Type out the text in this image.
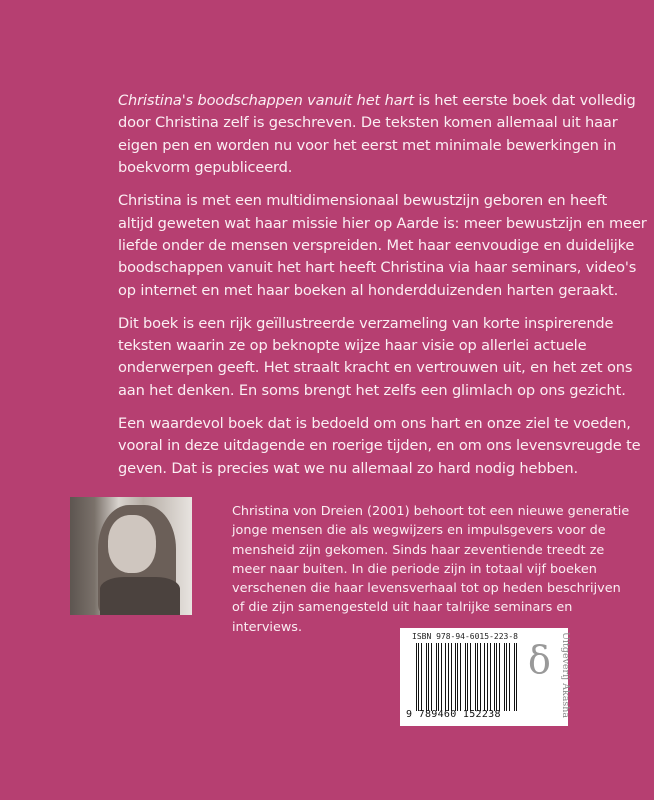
Christina's boodschappen vanuit het hart is het eerste boek dat volledig
door Christina zelf is geschreven. De teksten komen allemaal uit haar
eigen pen en worden nu voor het eerst met minimale bewerkingen in
boekvorm gepubliceerd.

Christina is met een multidimensionaal bewustzijn geboren en heeft
altijd geweten wat haar missie hier op Aarde is: meer bewustzijn en meer
liefde onder de mensen verspreiden. Met haar eenvoudige en duidelijke
boodschappen vanuit het hart heeft Christina via haar seminars, video's
op internet en met haar boeken al honderdduizenden harten geraakt.

Dit boek is een rijk geïllustreerde verzameling van korte inspirerende
teksten waarin ze op beknopte wijze haar visie op allerlei actuele
onderwerpen geeft. Het straalt kracht en vertrouwen uit, en het zet ons
aan het denken. En soms brengt het zelfs een glimlach op ons gezicht.

Een waardevol boek dat is bedoeld om ons hart en onze ziel te voeden,
vooral in deze uitdagende en roerige tijden, en om ons levensvreugde te
geven. Dat is precies wat we nu allemaal zo hard nodig hebben.

Christina von Dreien (2001) behoort tot een nieuwe generatie
jonge mensen die als wegwijzers en impulsgevers voor de
mensheid zijn gekomen. Sinds haar zeventiende treedt ze
meer naar buiten. In die periode zijn in totaal vijf boeken
verschenen die haar levensverhaal tot op heden beschrijven
of die zijn samengesteld uit haar talrijke seminars en
interviews.
ISBN 978-94-6015-223-8
9 789460 152238
δ Uitgeverij Akasha
